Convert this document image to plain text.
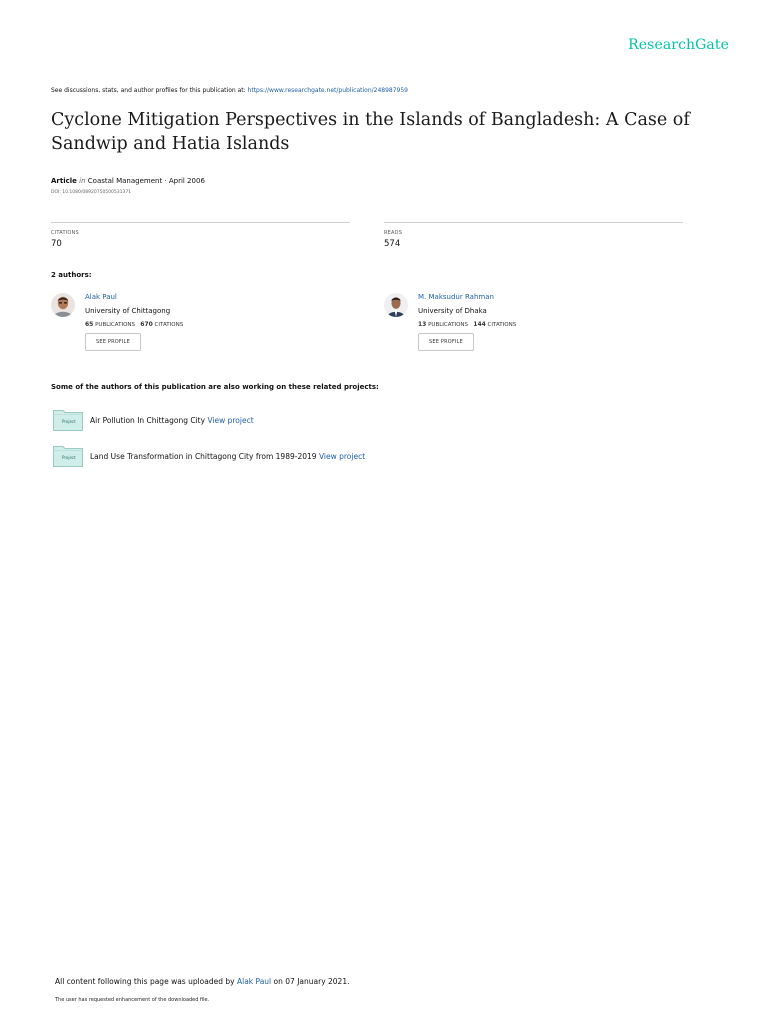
ResearchGate
See discussions, stats, and author profiles for this publication at: https://www.researchgate.net/publication/248987959
Cyclone Mitigation Perspectives in the Islands of Bangladesh: A Case of Sandwip and Hatia Islands
Article in Coastal Management · April 2006
DOI: 10.1080/08920750500531371
CITATIONS
70
READS
574
2 authors:
Alak Paul
University of Chittagong
65 PUBLICATIONS 670 CITATIONS
SEE PROFILE
M. Maksudur Rahman
University of Dhaka
13 PUBLICATIONS 144 CITATIONS
SEE PROFILE
Some of the authors of this publication are also working on these related projects:
Project Air Pollution In Chittagong City View project
Project Land Use Transformation in Chittagong City from 1989-2019 View project
All content following this page was uploaded by Alak Paul on 07 January 2021.
The user has requested enhancement of the downloaded file.
